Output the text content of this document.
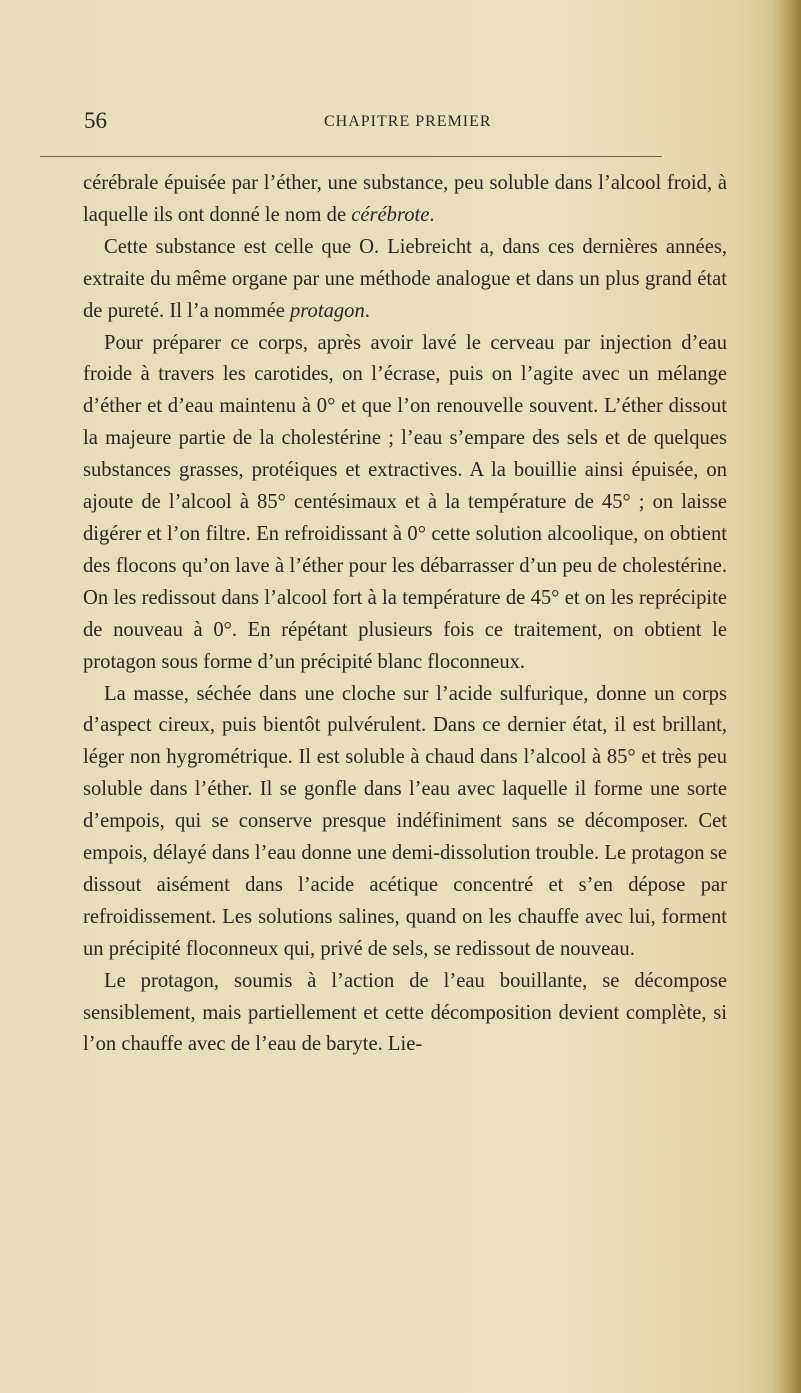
56	CHAPITRE PREMIER

cérébrale épuisée par l’éther, une substance, peu soluble dans l’alcool froid, à laquelle ils ont donné le nom de cérébrote.

Cette substance est celle que O. Liebreicht a, dans ces dernières années, extraite du même organe par une méthode analogue et dans un plus grand état de pureté. Il l’a nommée protagon.

Pour préparer ce corps, après avoir lavé le cerveau par injection d’eau froide à travers les carotides, on l’écrase, puis on l’agite avec un mélange d’éther et d’eau maintenu à 0° et que l’on renouvelle souvent. L’éther dissout la majeure partie de la cholestérine ; l’eau s’empare des sels et de quelques substances grasses, protéiques et extractives. A la bouillie ainsi épuisée, on ajoute de l’alcool à 85° centésimaux et à la température de 45° ; on laisse digérer et l’on filtre. En refroidissant à 0° cette solution alcoolique, on obtient des flocons qu’on lave à l’éther pour les débarrasser d’un peu de cholestérine. On les redissout dans l’alcool fort à la température de 45° et on les reprécipite de nouveau à 0°. En répétant plusieurs fois ce traitement, on obtient le protagon sous forme d’un précipité blanc floconneux.

La masse, séchée dans une cloche sur l’acide sulfurique, donne un corps d’aspect cireux, puis bientôt pulvérulent. Dans ce dernier état, il est brillant, léger non hygrométrique. Il est soluble à chaud dans l’alcool à 85° et très peu soluble dans l’éther. Il se gonfle dans l’eau avec laquelle il forme une sorte d’empois, qui se conserve presque indéfiniment sans se décomposer. Cet empois, délayé dans l’eau donne une demi-dissolution trouble. Le protagon se dissout aisément dans l’acide acétique concentré et s’en dépose par refroidissement. Les solutions salines, quand on les chauffe avec lui, forment un précipité floconneux qui, privé de sels, se redissout de nouveau.

Le protagon, soumis à l’action de l’eau bouillante, se décompose sensiblement, mais partiellement et cette décomposition devient complète, si l’on chauffe avec de l’eau de baryte. Lie-
